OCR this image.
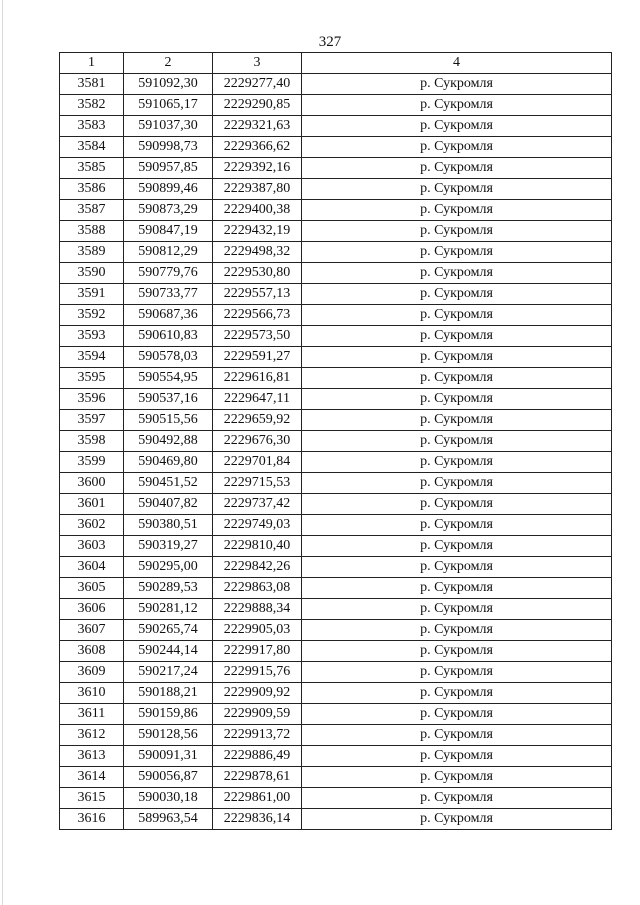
327
1	2	3	4
3581	591092,30	2229277,40	р. Сукромля
3582	591065,17	2229290,85	р. Сукромля
3583	591037,30	2229321,63	р. Сукромля
3584	590998,73	2229366,62	р. Сукромля
3585	590957,85	2229392,16	р. Сукромля
3586	590899,46	2229387,80	р. Сукромля
3587	590873,29	2229400,38	р. Сукромля
3588	590847,19	2229432,19	р. Сукромля
3589	590812,29	2229498,32	р. Сукромля
3590	590779,76	2229530,80	р. Сукромля
3591	590733,77	2229557,13	р. Сукромля
3592	590687,36	2229566,73	р. Сукромля
3593	590610,83	2229573,50	р. Сукромля
3594	590578,03	2229591,27	р. Сукромля
3595	590554,95	2229616,81	р. Сукромля
3596	590537,16	2229647,11	р. Сукромля
3597	590515,56	2229659,92	р. Сукромля
3598	590492,88	2229676,30	р. Сукромля
3599	590469,80	2229701,84	р. Сукромля
3600	590451,52	2229715,53	р. Сукромля
3601	590407,82	2229737,42	р. Сукромля
3602	590380,51	2229749,03	р. Сукромля
3603	590319,27	2229810,40	р. Сукромля
3604	590295,00	2229842,26	р. Сукромля
3605	590289,53	2229863,08	р. Сукромля
3606	590281,12	2229888,34	р. Сукромля
3607	590265,74	2229905,03	р. Сукромля
3608	590244,14	2229917,80	р. Сукромля
3609	590217,24	2229915,76	р. Сукромля
3610	590188,21	2229909,92	р. Сукромля
3611	590159,86	2229909,59	р. Сукромля
3612	590128,56	2229913,72	р. Сукромля
3613	590091,31	2229886,49	р. Сукромля
3614	590056,87	2229878,61	р. Сукромля
3615	590030,18	2229861,00	р. Сукромля
3616	589963,54	2229836,14	р. Сукромля
